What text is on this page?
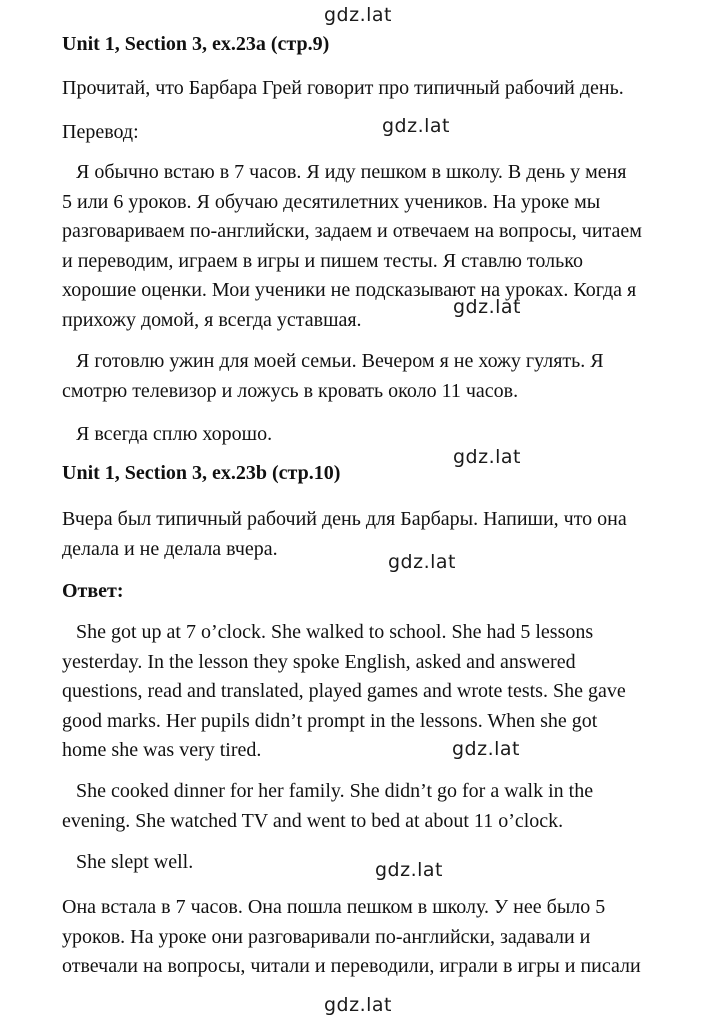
gdz.lat
gdz.lat
gdz.lat
gdz.lat
gdz.lat
gdz.lat
gdz.lat
gdz.lat
Unit 1, Section 3, ex.23a (стр.9)
Прочитай, что Барбара Грей говорит про типичный рабочий день.
Перевод:
Я обычно встаю в 7 часов. Я иду пешком в школу. В день у меня
5 или 6 уроков. Я обучаю десятилетних учеников. На уроке мы
разговариваем по-английски, задаем и отвечаем на вопросы, читаем
и переводим, играем в игры и пишем тесты. Я ставлю только
хорошие оценки. Мои ученики не подсказывают на уроках. Когда я
прихожу домой, я всегда уставшая.
Я готовлю ужин для моей семьи. Вечером я не хожу гулять. Я
смотрю телевизор и ложусь в кровать около 11 часов.
Я всегда сплю хорошо.
Unit 1, Section 3, ex.23b (стр.10)
Вчера был типичный рабочий день для Барбары. Напиши, что она
делала и не делала вчера.
Ответ:
She got up at 7 o’clock. She walked to school. She had 5 lessons
yesterday. In the lesson they spoke English, asked and answered
questions, read and translated, played games and wrote tests. She gave
good marks. Her pupils didn’t prompt in the lessons. When she got
home she was very tired.
She cooked dinner for her family. She didn’t go for a walk in the
evening. She watched TV and went to bed at about 11 o’clock.
She slept well.
Она встала в 7 часов. Она пошла пешком в школу. У нее было 5
уроков. На уроке они разговаривали по-английски, задавали и
отвечали на вопросы, читали и переводили, играли в игры и писали
